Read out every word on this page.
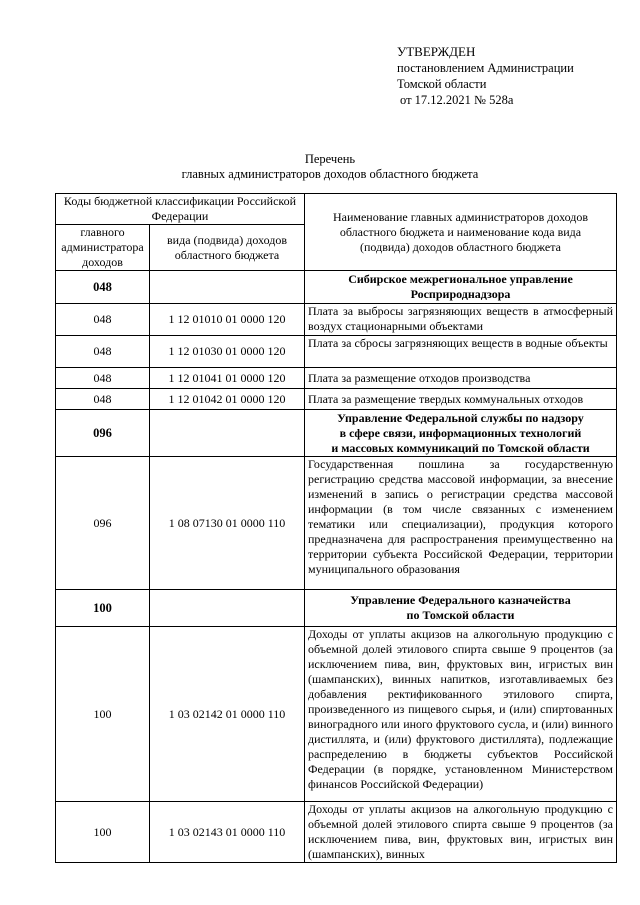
УТВЕРЖДЕН
постановлением Администрации
Томской области
от 17.12.2021 № 528а
Перечень
главных администраторов доходов областного бюджета
Коды бюджетной классификации Российской Федерации		Наименование главных администраторов доходов областного бюджета и наименование кода вида (подвида) доходов областного бюджета
главного администратора доходов	вида (подвида) доходов областного бюджета	
048		Сибирское межрегиональное управление
Росприроднадзора

048	1 12 01010 01 0000 120	Плата за выбросы загрязняющих веществ в атмосферный воздух стационарными объектами
048	1 12 01030 01 0000 120	Плата за сбросы загрязняющих веществ в водные объекты
048	1 12 01041 01 0000 120	Плата за размещение отходов производства
048	1 12 01042 01 0000 120	Плата за размещение твердых коммунальных отходов
096		Управление Федеральной службы по надзору
в сфере связи, информационных технологий
и массовых коммуникаций по Томской области

096	1 08 07130 01 0000 110	Государственная пошлина за государственную регистрацию средства массовой информации, за внесение изменений в запись о регистрации средства массовой информации (в том числе связанных с изменением тематики или специализации), продукция которого предназначена для распространения преимущественно на территории субъекта Российской Федерации, территории муниципального образования
100		Управление Федерального казначейства
по Томской области

100	1 03 02142 01 0000 110	Доходы от уплаты акцизов на алкогольную продукцию с объемной долей этилового спирта свыше 9 процентов (за исключением пива, вин, фруктовых вин, игристых вин (шампанских), винных напитков, изготавливаемых без добавления ректификованного этилового спирта, произведенного из пищевого сырья, и (или) спиртованных виноградного или иного фруктового сусла, и (или) винного дистиллята, и (или) фруктового дистиллята), подлежащие распределению в бюджеты субъектов Российской Федерации (в порядке, установленном Министерством финансов Российской Федерации)
100	1 03 02143 01 0000 110	Доходы от уплаты акцизов на алкогольную продукцию с объемной долей этилового спирта свыше 9 процентов (за исключением пива, вин, фруктовых вин, игристых вин (шампанских), винных
